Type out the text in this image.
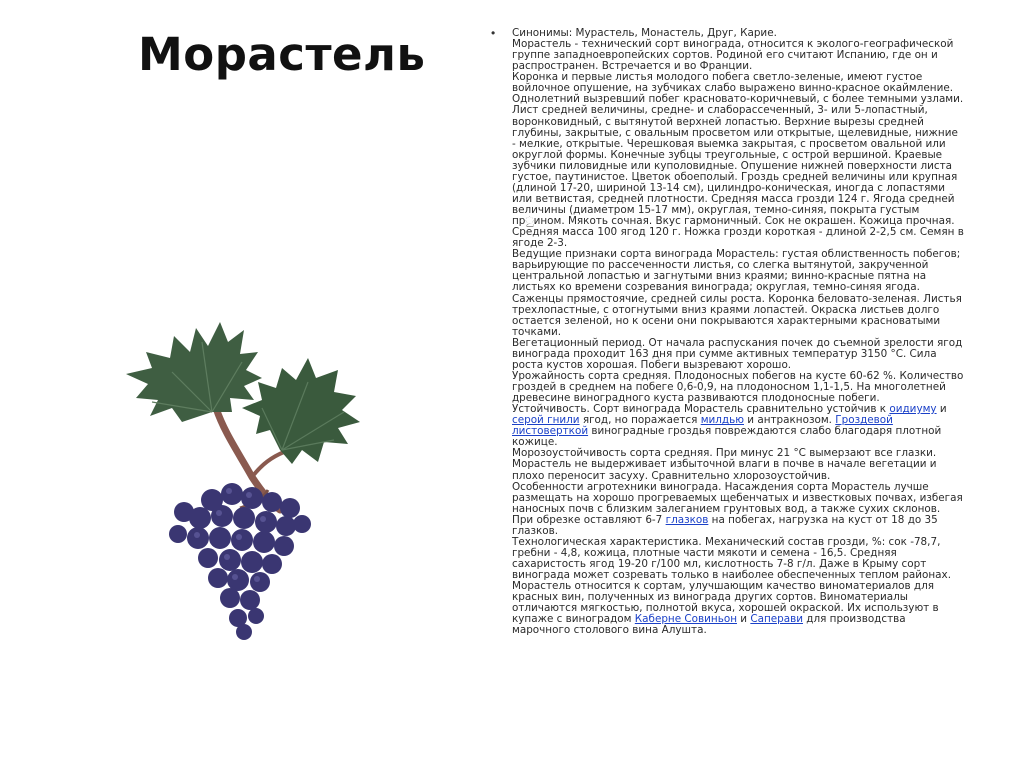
Морастель	• Синонимы: Мурастель, Монастель, Друг, Карие.
Морастель - технический сорт винограда, относится к эколого-географической группе западноевропейских сортов. Родиной его считают Испанию, где он и распространен. Встречается и во Франции.
Коронка и первые листья молодого побега светло-зеленые, имеют густое войлочное опушение, на зубчиках слабо выражено винно-красное окаймление. Однолетний вызревший побег красновато-коричневый, с более темными узлами. Лист средней величины, средне- и слаборассеченный, 3- или 5-лопастный, воронковидный, с вытянутой верхней лопастью. Верхние вырезы средней глубины, закрытые, с овальным просветом или открытые, щелевидные, нижние - мелкие, открытые. Черешковая выемка закрытая, с просветом овальной или округлой формы. Конечные зубцы треугольные, с острой вершиной. Краевые зубчики пиловидные или куполовидные. Опушение нижней поверхности листа густое, паутинистое. Цветок обоеполый. Гроздь средней величины или крупная (длиной 17-20, шириной 13-14 см), цилиндро-коническая, иногда с лопастями или ветвистая, средней плотности. Средняя масса грозди 124 г. Ягода средней величины (диаметром 15-17 мм), округлая, темно-синяя, покрыта густым прුином. Мякоть сочная. Вкус гармоничный. Сок не окрашен. Кожица прочная. Средняя масса 100 ягод 120 г. Ножка грозди короткая - длиной 2-2,5 см. Семян в ягоде 2-3.
Ведущие признаки сорта винограда Морастель: густая облиственность побегов; варьирующие по рассеченности листья, со слегка вытянутой, закрученной центральной лопастью и загнутыми вниз краями; винно-красные пятна на листьях ко времени созревания винограда; округлая, темно-синяя ягода.
Саженцы прямостоячие, средней силы роста. Коронка беловато-зеленая. Листья трехлопастные, с отогнутыми вниз краями лопастей. Окраска листьев долго остается зеленой, но к осени они покрываются характерными красноватыми точками.
Вегетационный период. От начала распускания почек до съемной зрелости ягод винограда проходит 163 дня при сумме активных температур 3150 °С. Сила роста кустов хорошая. Побеги вызревают хорошо.
Урожайность сорта средняя. Плодоносных побегов на кусте 60-62 %. Количество гроздей в среднем на побеге 0,6-0,9, на плодоносном 1,1-1,5. На многолетней древесине виноградного куста развиваются плодоносные побеги.
Устойчивость. Сорт винограда Морастель сравнительно устойчив к оидиуму и серой гнили ягод, но поражается милдью и антракнозом. Гроздевой листоверткой виноградные гроздья повреждаются слабо благодаря плотной кожице.
Морозоустойчивость сорта средняя. При минус 21 °С вымерзают все глазки. Морастель не выдерживает избыточной влаги в почве в начале вегетации и плохо переносит засуху. Сравнительно хлорозоустойчив.
Особенности агротехники винограда. Насаждения сорта Морастель лучше размещать на хорошо прогреваемых щебенчатых и известковых почвах, избегая наносных почв с близким залеганием грунтовых вод, а также сухих склонов. При обрезке оставляют 6-7 глазков на побегах, нагрузка на куст от 18 до 35 глазков.
Технологическая характеристика. Механический состав грозди, %: сок -78,7, гребни - 4,8, кожица, плотные части мякоти и семена - 16,5. Средняя сахаристость ягод 19-20 г/100 мл, кислотность 7-8 г/л. Даже в Крыму сорт винограда может созревать только в наиболее обеспеченных теплом районах.
Морастель относится к сортам, улучшающим качество виноматериалов для красных вин, полученных из винограда других сортов. Виноматериалы отличаются мягкостью, полнотой вкуса, хорошей окраской. Их используют в купаже с виноградом Каберне Совиньон и Саперави для производства марочного столового вина Алушта.
